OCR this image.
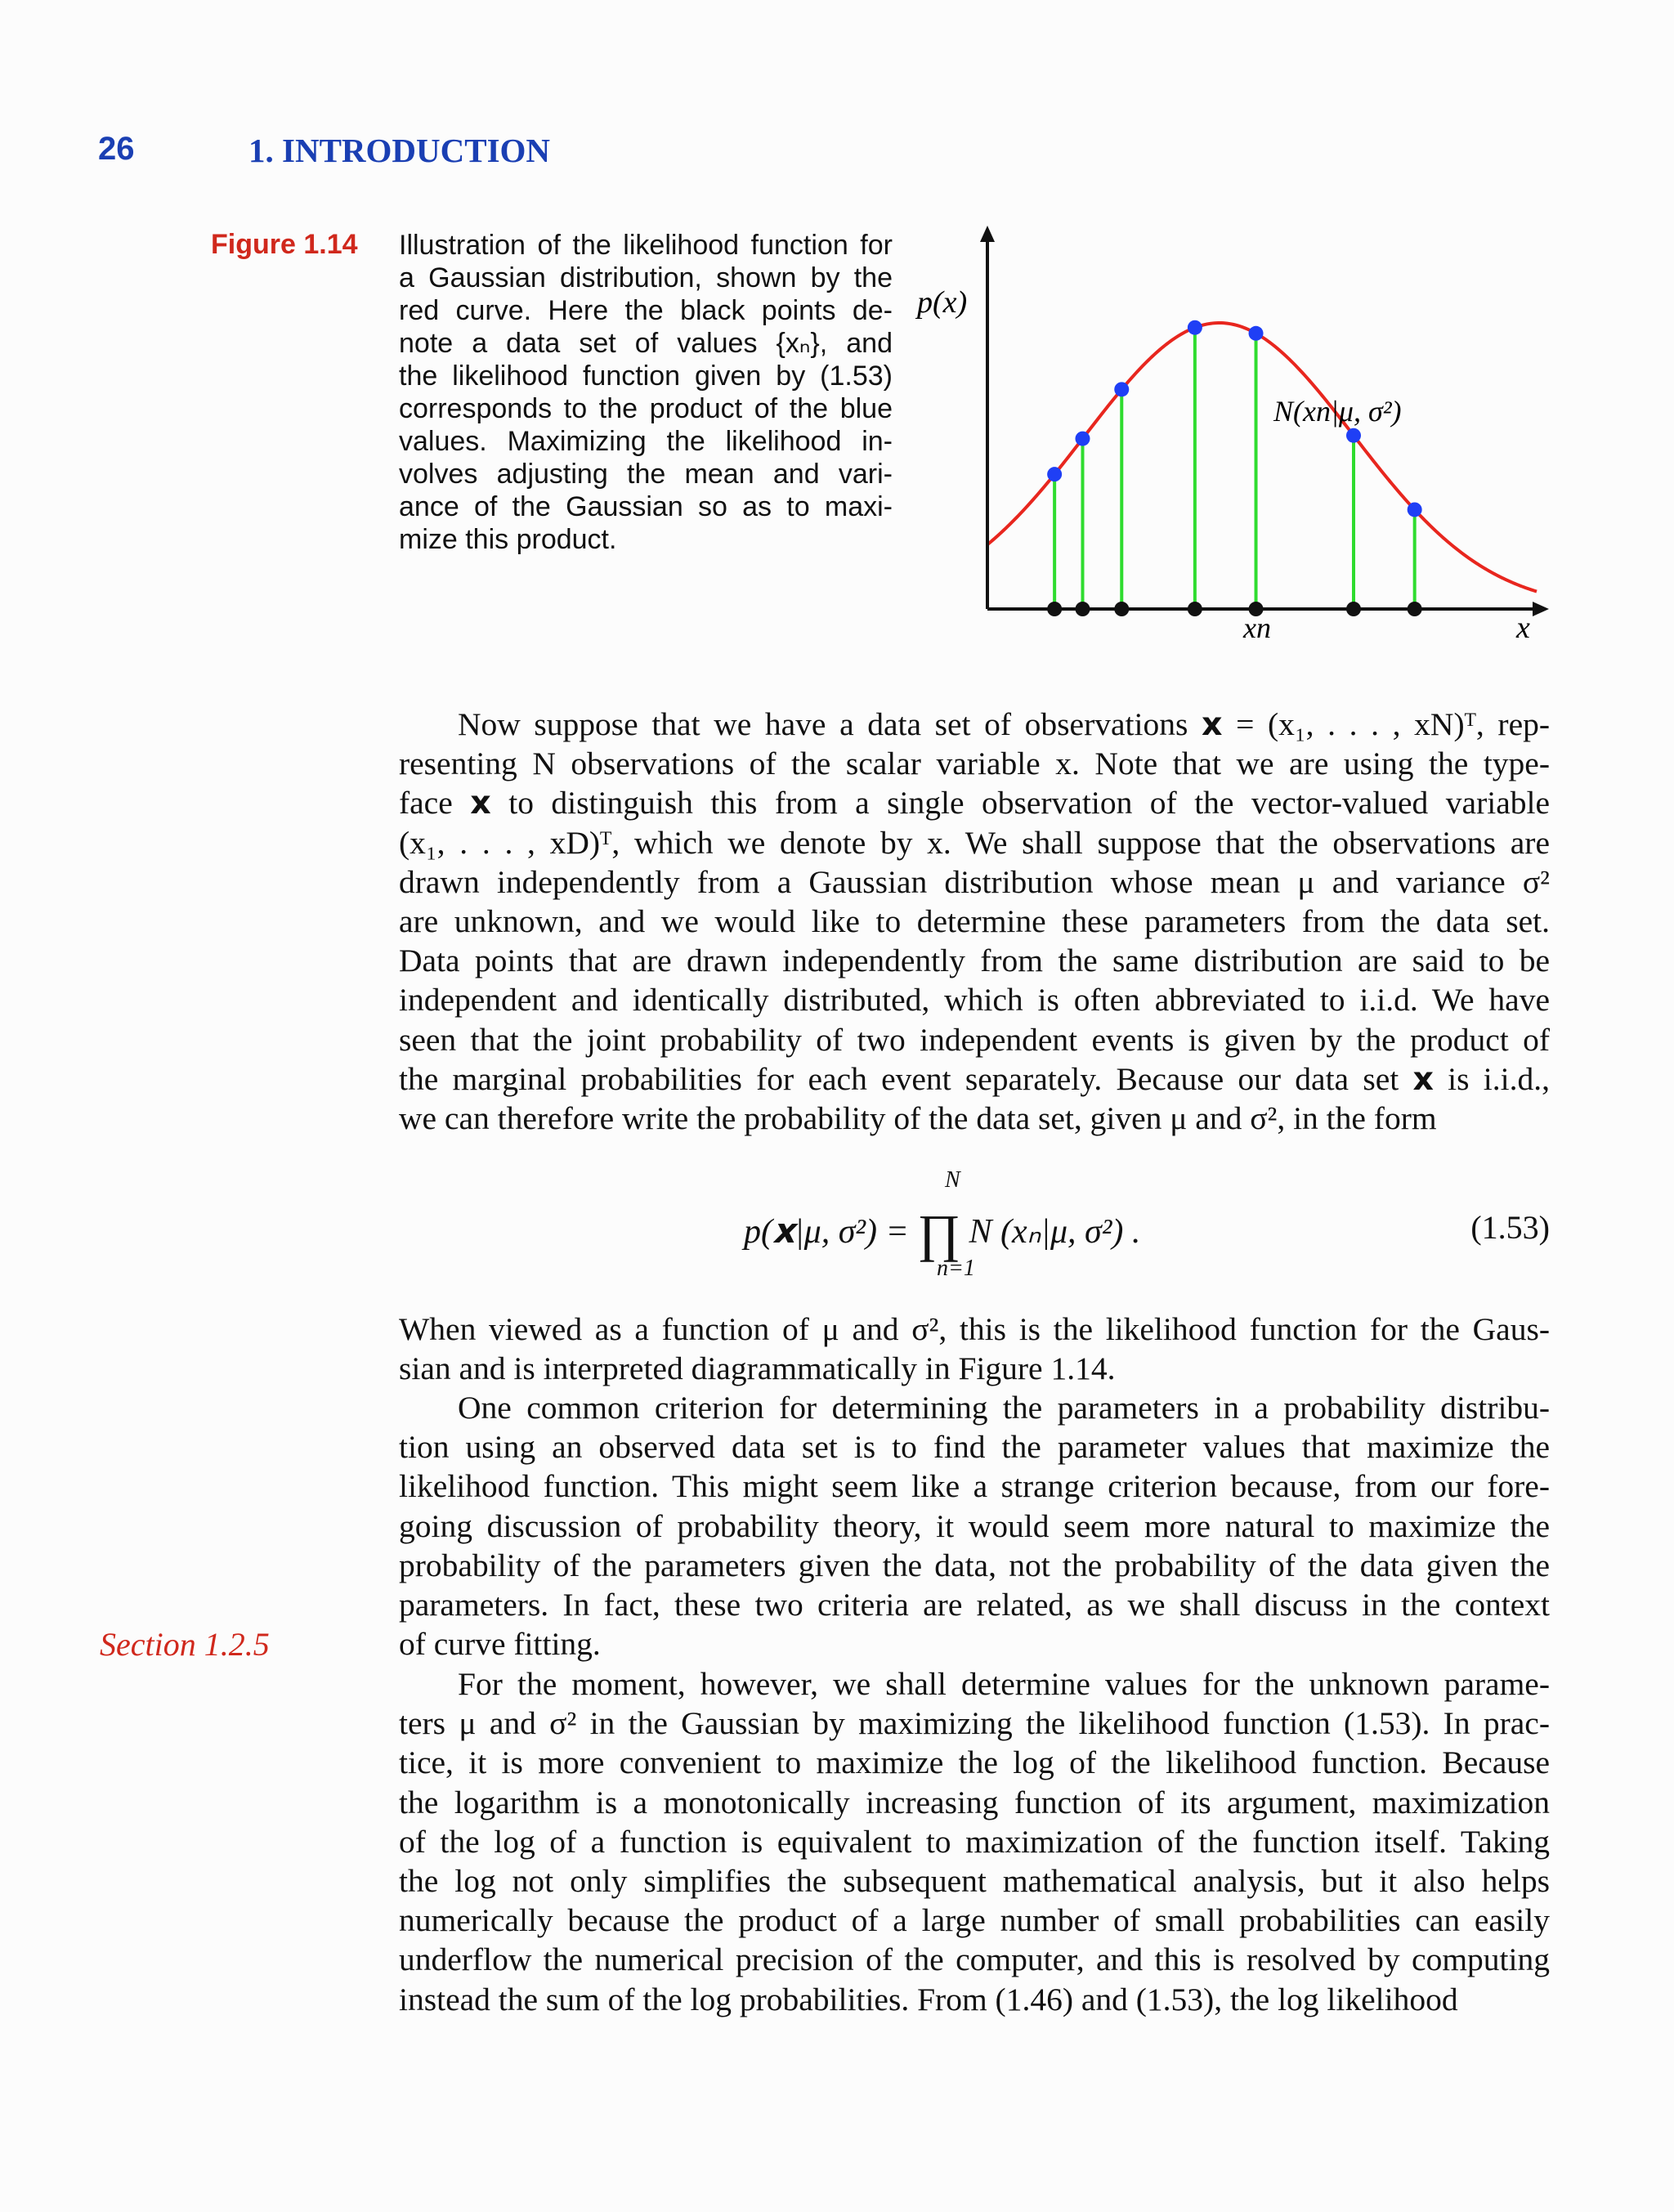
26	1. INTRODUCTION
Figure 1.14 Illustration of the likelihood function for
a Gaussian distribution, shown by the
red curve. Here the black points de-
note a data set of values {xₙ}, and
the likelihood function given by (1.53)
corresponds to the product of the blue
values. Maximizing the likelihood in-
volves adjusting the mean and vari-
ance of the Gaussian so as to maxi-
mize this product.
p(x)
x
xn
N(xn|μ, σ²)
Now suppose that we have a data set of observations 𝘅 = (x₁, . . . , xN)ᵀ, rep-
resenting N observations of the scalar variable x. Note that we are using the type-
face 𝘅 to distinguish this from a single observation of the vector-valued variable
(x₁, . . . , xD)ᵀ, which we denote by x. We shall suppose that the observations are
drawn independently from a Gaussian distribution whose mean μ and variance σ²
are unknown, and we would like to determine these parameters from the data set.
Data points that are drawn independently from the same distribution are said to be
independent and identically distributed, which is often abbreviated to i.i.d. We have
seen that the joint probability of two independent events is given by the product of
the marginal probabilities for each event separately. Because our data set 𝘅 is i.i.d.,
we can therefore write the probability of the data set, given μ and σ², in the form
N
p(𝘅|μ, σ²) = ∏ N (xₙ|μ, σ²) .
n=1
(1.53)
When viewed as a function of μ and σ², this is the likelihood function for the Gaus-
sian and is interpreted diagrammatically in Figure 1.14.
One common criterion for determining the parameters in a probability distribu-
tion using an observed data set is to find the parameter values that maximize the
likelihood function. This might seem like a strange criterion because, from our fore-
going discussion of probability theory, it would seem more natural to maximize the
probability of the parameters given the data, not the probability of the data given the
parameters. In fact, these two criteria are related, as we shall discuss in the context
of curve fitting.
Section 1.2.5
For the moment, however, we shall determine values for the unknown parame-
ters μ and σ² in the Gaussian by maximizing the likelihood function (1.53). In prac-
tice, it is more convenient to maximize the log of the likelihood function. Because
the logarithm is a monotonically increasing function of its argument, maximization
of the log of a function is equivalent to maximization of the function itself. Taking
the log not only simplifies the subsequent mathematical analysis, but it also helps
numerically because the product of a large number of small probabilities can easily
underflow the numerical precision of the computer, and this is resolved by computing
instead the sum of the log probabilities. From (1.46) and (1.53), the log likelihood
